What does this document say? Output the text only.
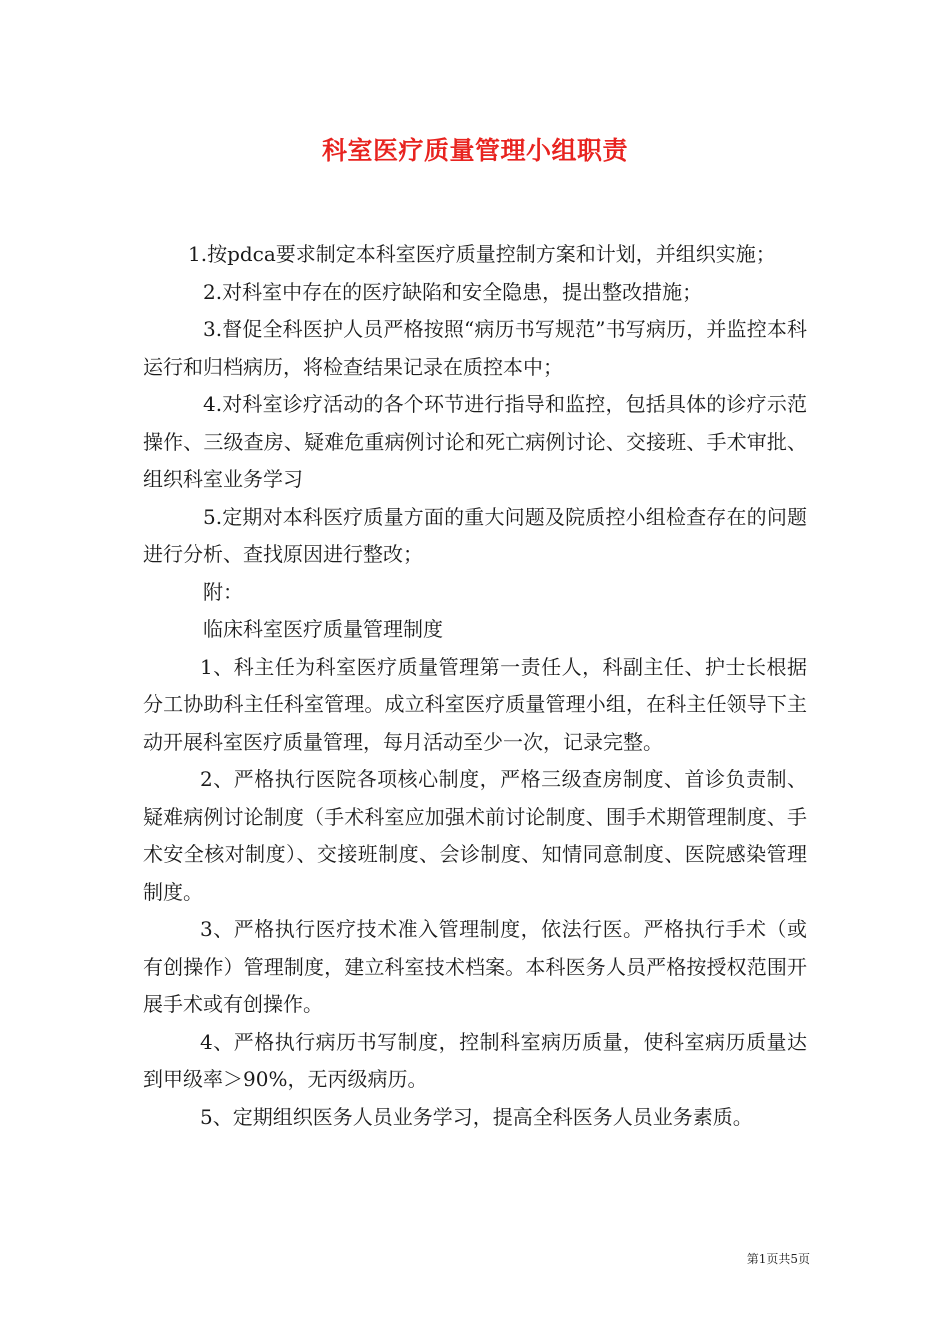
科室医疗质量管理小组职责

1.按pdca要求制定本科室医疗质量控制方案和计划，并组织实施；

2.对科室中存在的医疗缺陷和安全隐患，提出整改措施；

3.督促全科医护人员严格按照“病历书写规范”书写病历，并监控本科运行和归档病历，将检查结果记录在质控本中；

4.对科室诊疗活动的各个环节进行指导和监控，包括具体的诊疗示范操作、三级查房、疑难危重病例讨论和死亡病例讨论、交接班、手术审批、组织科室业务学习

5.定期对本科医疗质量方面的重大问题及院质控小组检查存在的问题进行分析、查找原因进行整改；

附：

临床科室医疗质量管理制度

1、科主任为科室医疗质量管理第一责任人，科副主任、护士长根据分工协助科主任科室管理。成立科室医疗质量管理小组，在科主任领导下主动开展科室医疗质量管理，每月活动至少一次，记录完整。

2、严格执行医院各项核心制度，严格三级查房制度、首诊负责制、疑难病例讨论制度（手术科室应加强术前讨论制度、围手术期管理制度、手术安全核对制度）、交接班制度、会诊制度、知情同意制度、医院感染管理制度。

3、严格执行医疗技术准入管理制度，依法行医。严格执行手术（或有创操作）管理制度，建立科室技术档案。本科医务人员严格按授权范围开展手术或有创操作。

4、严格执行病历书写制度，控制科室病历质量，使科室病历质量达到甲级率＞90%，无丙级病历。

5、定期组织医务人员业务学习，提高全科医务人员业务素质。

第1页共5页
